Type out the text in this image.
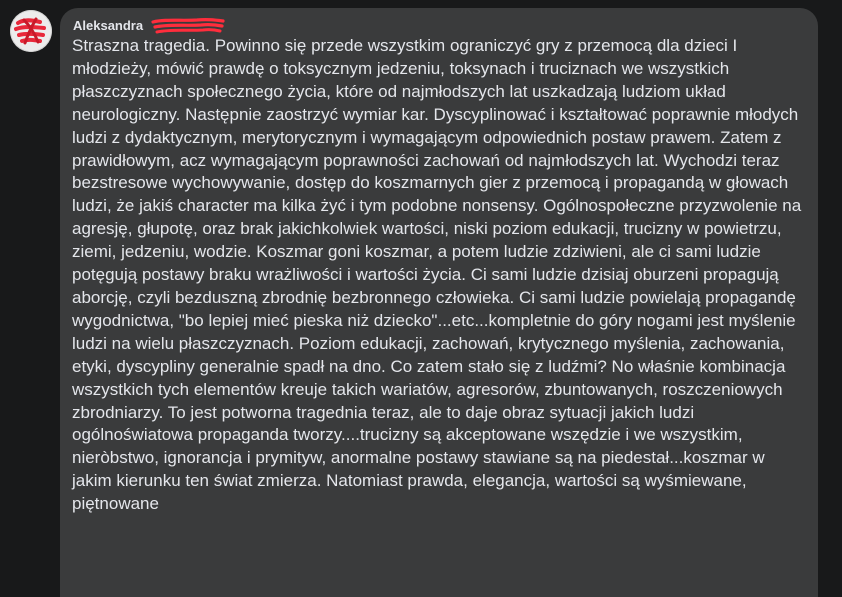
Aleksandra

Straszna tragedia. Powinno się przede wszystkim ograniczyć gry z przemocą dla dzieci I młodzieży, mówić prawdę o toksycznym jedzeniu, toksynach i truciznach we wszystkich płaszczyznach społecznego życia, które od najmłodszych lat uszkadzają ludziom układ neurologiczny. Następnie zaostrzyć wymiar kar. Dyscyplinować i kształtować poprawnie młodych ludzi z dydaktycznym, merytorycznym i wymagającym odpowiednich postaw prawem. Zatem z prawidłowym, acz wymagającym poprawności zachowań od najmłodszych lat. Wychodzi teraz bezstresowe wychowywanie, dostęp do koszmarnych gier z przemocą i propagandą w głowach ludzi, że jakiś character ma kilka żyć i tym podobne nonsensy. Ogólnospołeczne przyzwolenie na agresję, głupotę, oraz brak jakichkolwiek wartości, niski poziom edukacji, trucizny w powietrzu, ziemi, jedzeniu, wodzie. Koszmar goni koszmar, a potem ludzie zdziwieni, ale ci sami ludzie potęgują postawy braku wrażliwości i wartości życia. Ci sami ludzie dzisiaj oburzeni propagują aborcję, czyli bezduszną zbrodnię bezbronnego człowieka. Ci sami ludzie powielają propagandę wygodnictwa, "bo lepiej mieć pieska niż dziecko"...etc...kompletnie do góry nogami jest myślenie ludzi na wielu płaszczyznach. Poziom edukacji, zachowań, krytycznego myślenia, zachowania, etyki, dyscypliny generalnie spadł na dno. Co zatem stało się z ludźmi? No właśnie kombinacja wszystkich tych elementów kreuje takich wariatów, agresorów, zbuntowanych, roszczeniowych zbrodniarzy. To jest potworna tragednia teraz, ale to daje obraz sytuacji jakich ludzi ogólnoświatowa propaganda tworzy....trucizny są akceptowane wszędzie i we wszystkim, nieròbstwo, ignorancja i prymityw, anormalne postawy stawiane są na piedestał...koszmar w jakim kierunku ten świat zmierza. Natomiast prawda, elegancja, wartości są wyśmiewane, piętnowane
